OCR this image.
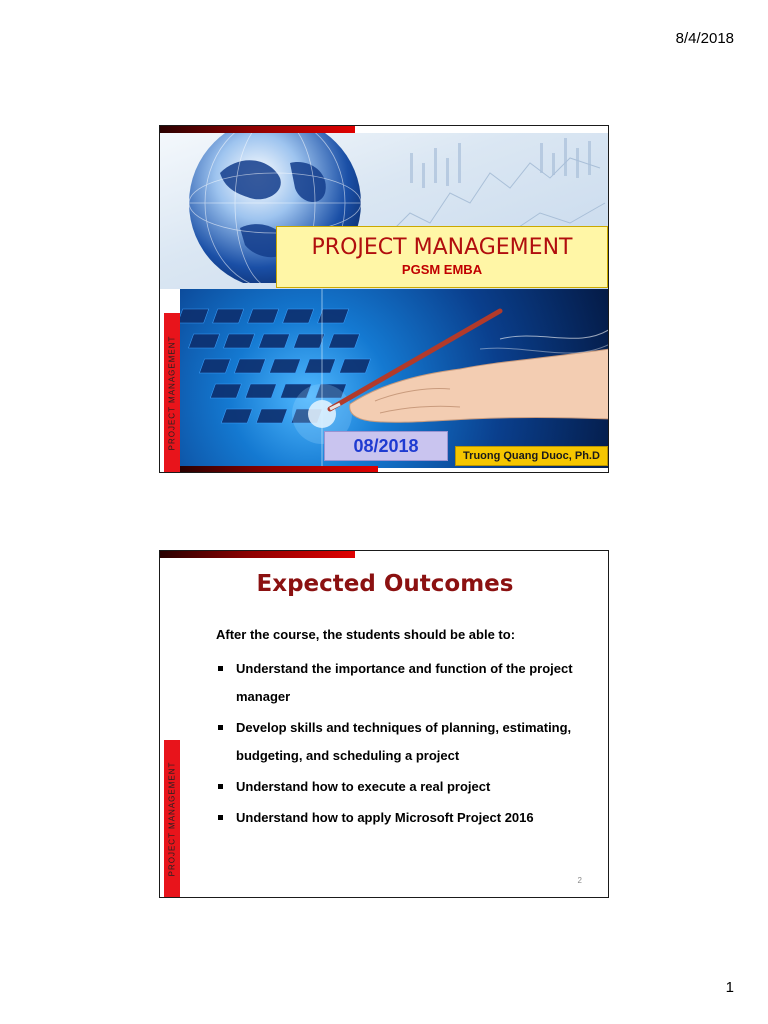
8/4/2018
PROJECT MANAGEMENT
PGSM EMBA
08/2018	Truong Quang Duoc, Ph.D
PROJECT MANAGEMENT
Expected Outcomes
After the course, the students should be able to:
Understand the importance and function of the project manager
Develop skills and techniques of planning, estimating, budgeting, and scheduling a project
Understand how to execute a real project
Understand how to apply Microsoft Project 2016
PROJECT MANAGEMENT
2
1
